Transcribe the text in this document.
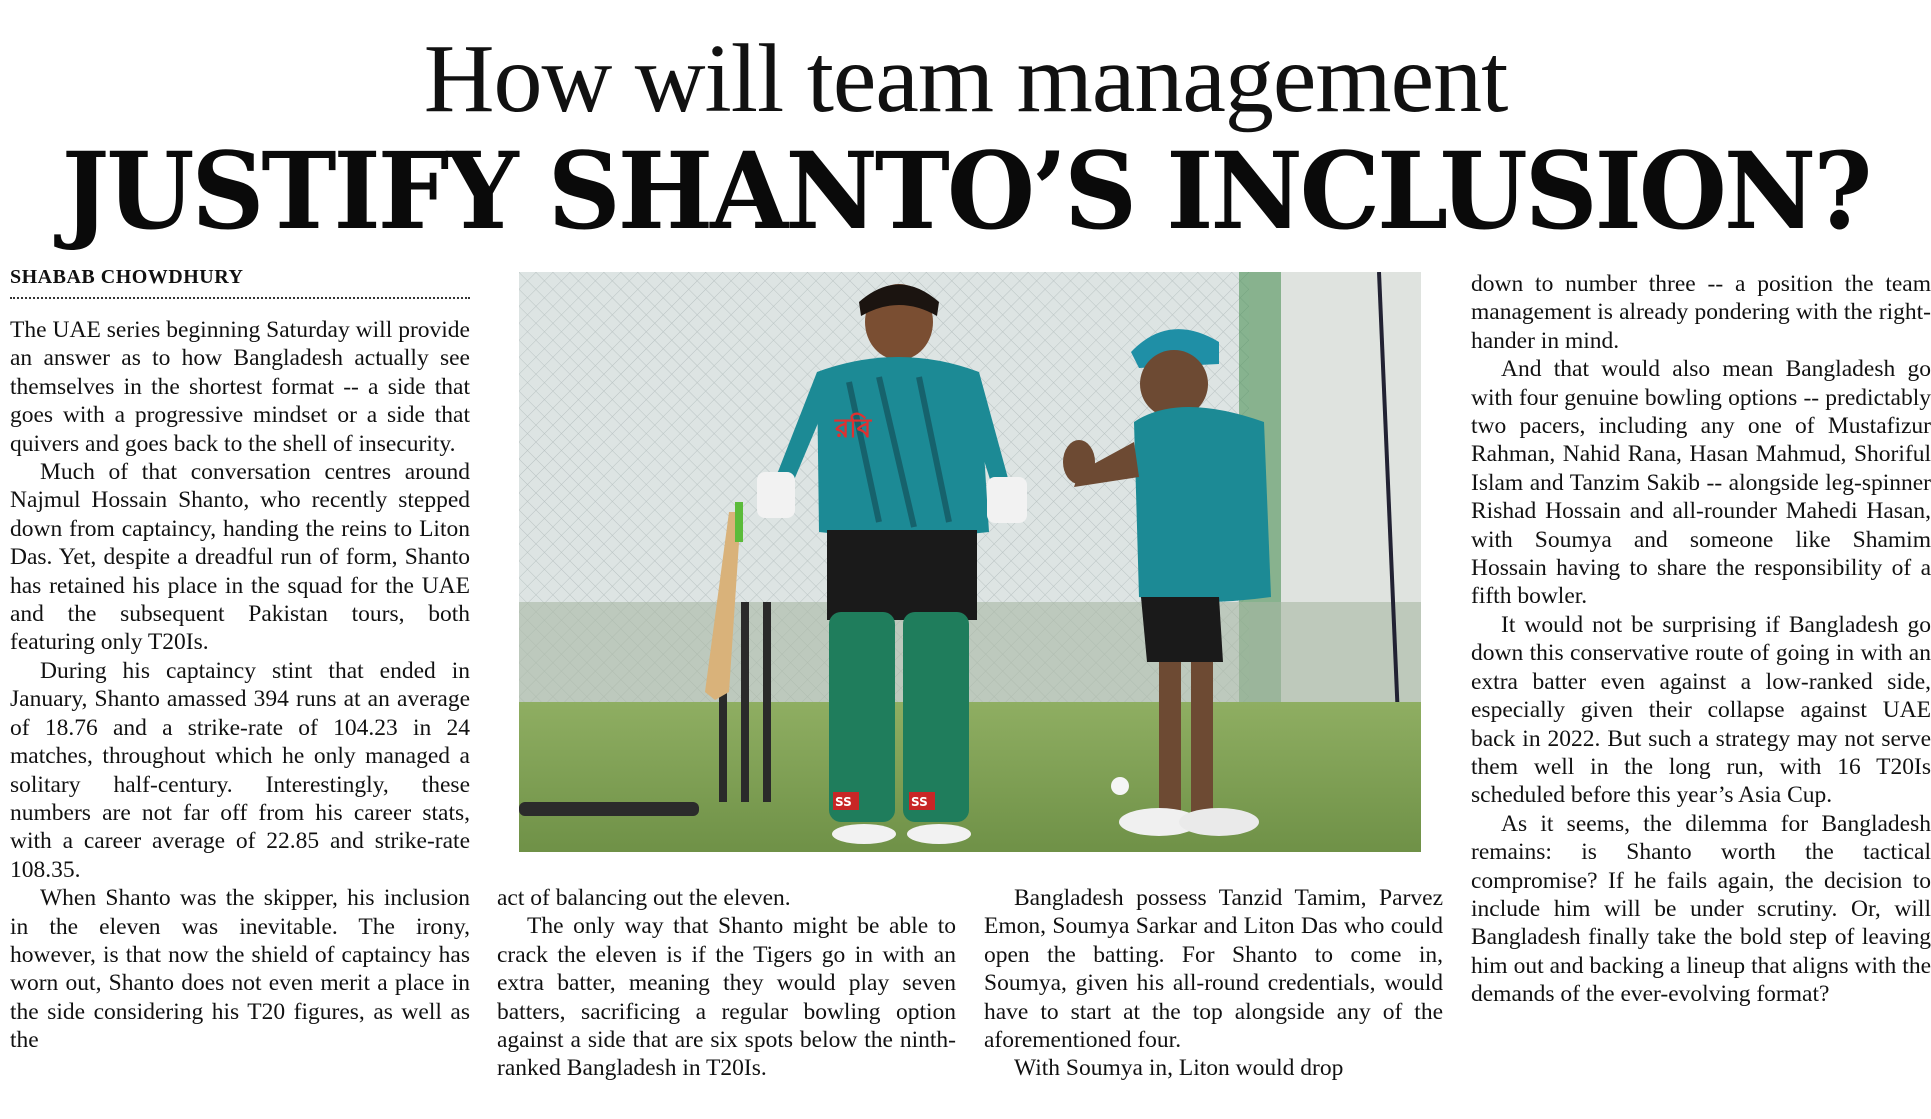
How will team management
JUSTIFY SHANTO’S INCLUSION?
SHABAB CHOWDHURY

The UAE series beginning Saturday will provide an answer as to how Bangladesh actually see themselves in the shortest format -- a side that goes with a progressive mindset or a side that quivers and goes back to the shell of insecurity.

Much of that conversation centres around Najmul Hossain Shanto, who recently stepped down from captaincy, handing the reins to Liton Das. Yet, despite a dreadful run of form, Shanto has retained his place in the squad for the UAE and the subsequent Pakistan tours, both featuring only T20Is.

During his captaincy stint that ended in January, Shanto amassed 394 runs at an average of 18.76 and a strike-rate of 104.23 in 24 matches, throughout which he only managed a solitary half-century. Interestingly, these numbers are not far off from his career stats, with a career average of 22.85 and strike-rate 108.35.

When Shanto was the skipper, his inclusion in the eleven was inevitable. The irony, however, is that now the shield of captaincy has worn out, Shanto does not even merit a place in the side considering his T20 figures, as well as the

রবি
SS	SS

act of balancing out the eleven.

The only way that Shanto might be able to crack the eleven is if the Tigers go in with an extra batter, meaning they would play seven batters, sacrificing a regular bowling option against a side that are six spots below the ninth-ranked Bangladesh in T20Is.

Bangladesh possess Tanzid Tamim, Parvez Emon, Soumya Sarkar and Liton Das who could open the batting. For Shanto to come in, Soumya, given his all-round credentials, would have to start at the top alongside any of the aforementioned four.

With Soumya in, Liton would drop

down to number three -- a position the team management is already pondering with the right-hander in mind.

And that would also mean Bangladesh go with four genuine bowling options -- predictably two pacers, including any one of Mustafizur Rahman, Nahid Rana, Hasan Mahmud, Shoriful Islam and Tanzim Sakib -- alongside leg-spinner Rishad Hossain and all-rounder Mahedi Hasan, with Soumya and someone like Shamim Hossain having to share the responsibility of a fifth bowler.

It would not be surprising if Bangladesh go down this conservative route of going in with an extra batter even against a low-ranked side, especially given their collapse against UAE back in 2022. But such a strategy may not serve them well in the long run, with 16 T20Is scheduled before this year’s Asia Cup.

As it seems, the dilemma for Bangladesh remains: is Shanto worth the tactical compromise? If he fails again, the decision to include him will be under scrutiny. Or, will Bangladesh finally take the bold step of leaving him out and backing a lineup that aligns with the demands of the ever-evolving format?
